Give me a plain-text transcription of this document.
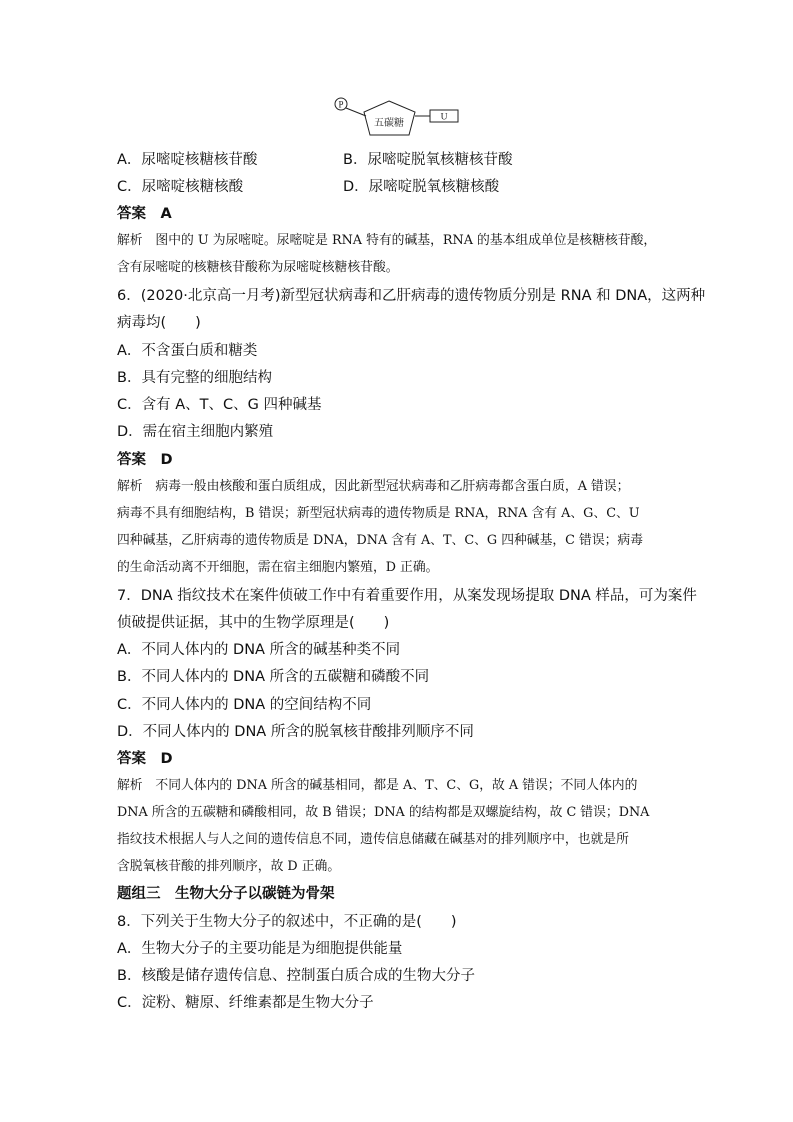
P
五碳糖
U
A．尿嘧啶核糖核苷酸	B．尿嘧啶脱氧核糖核苷酸
C．尿嘧啶核糖核酸	D．尿嘧啶脱氧核糖核酸
答案　A
解析　图中的 U 为尿嘧啶。尿嘧啶是 RNA 特有的碱基，RNA 的基本组成单位是核糖核苷酸，
含有尿嘧啶的核糖核苷酸称为尿嘧啶核糖核苷酸。
6．(2020·北京高一月考)新型冠状病毒和乙肝病毒的遗传物质分别是 RNA 和 DNA，这两种
病毒均(　　)
A．不含蛋白质和糖类
B．具有完整的细胞结构
C．含有 A、T、C、G 四种碱基
D．需在宿主细胞内繁殖
答案　D
解析　病毒一般由核酸和蛋白质组成，因此新型冠状病毒和乙肝病毒都含蛋白质，A 错误；
病毒不具有细胞结构，B 错误；新型冠状病毒的遗传物质是 RNA，RNA 含有 A、G、C、U
四种碱基，乙肝病毒的遗传物质是 DNA，DNA 含有 A、T、C、G 四种碱基，C 错误；病毒
的生命活动离不开细胞，需在宿主细胞内繁殖，D 正确。
7．DNA 指纹技术在案件侦破工作中有着重要作用，从案发现场提取 DNA 样品，可为案件
侦破提供证据，其中的生物学原理是(　　)
A．不同人体内的 DNA 所含的碱基种类不同
B．不同人体内的 DNA 所含的五碳糖和磷酸不同
C．不同人体内的 DNA 的空间结构不同
D．不同人体内的 DNA 所含的脱氧核苷酸排列顺序不同
答案　D
解析　不同人体内的 DNA 所含的碱基相同，都是 A、T、C、G，故 A 错误；不同人体内的
DNA 所含的五碳糖和磷酸相同，故 B 错误；DNA 的结构都是双螺旋结构，故 C 错误；DNA
指纹技术根据人与人之间的遗传信息不同，遗传信息储藏在碱基对的排列顺序中，也就是所
含脱氧核苷酸的排列顺序，故 D 正确。
题组三　生物大分子以碳链为骨架
8．下列关于生物大分子的叙述中，不正确的是(　　)
A．生物大分子的主要功能是为细胞提供能量
B．核酸是储存遗传信息、控制蛋白质合成的生物大分子
C．淀粉、糖原、纤维素都是生物大分子
